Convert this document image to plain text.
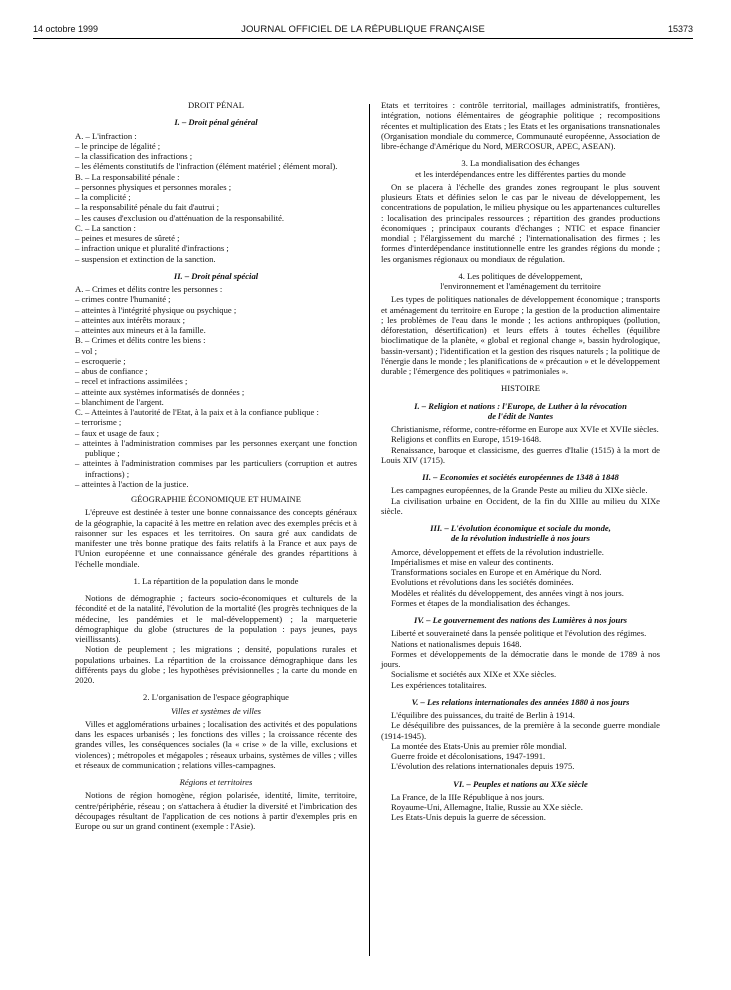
14 octobre 1999	JOURNAL OFFICIEL DE LA RÉPUBLIQUE FRANÇAISE	15373

DROIT PÉNAL

I. – Droit pénal général

A. – L'infraction :

– le principe de légalité ;

– la classification des infractions ;

– les éléments constitutifs de l'infraction (élément matériel ; élément moral).

B. – La responsabilité pénale :

– personnes physiques et personnes morales ;

– la complicité ;

– la responsabilité pénale du fait d'autrui ;

– les causes d'exclusion ou d'atténuation de la responsabilité.

C. – La sanction :

– peines et mesures de sûreté ;

– infraction unique et pluralité d'infractions ;

– suspension et extinction de la sanction.

II. – Droit pénal spécial

A. – Crimes et délits contre les personnes :

– crimes contre l'humanité ;

– atteintes à l'intégrité physique ou psychique ;

– atteintes aux intérêts moraux ;

– atteintes aux mineurs et à la famille.

B. – Crimes et délits contre les biens :

– vol ;

– escroquerie ;

– abus de confiance ;

– recel et infractions assimilées ;

– atteinte aux systèmes informatisés de données ;

– blanchiment de l'argent.

C. – Atteintes à l'autorité de l'Etat, à la paix et à la confiance publique :

– terrorisme ;

– faux et usage de faux ;

– atteintes à l'administration commises par les personnes exerçant une fonction publique ;

– atteintes à l'administration commises par les particuliers (corruption et autres infractions) ;

– atteintes à l'action de la justice.

GÉOGRAPHIE ÉCONOMIQUE ET HUMAINE

L'épreuve est destinée à tester une bonne connaissance des concepts généraux de la géographie, la capacité à les mettre en relation avec des exemples précis et à raisonner sur les espaces et les territoires. On saura gré aux candidats de manifester une très bonne pratique des faits relatifs à la France et aux pays de l'Union européenne et une connaissance générale des grandes répartitions à l'échelle mondiale.

1. La répartition de la population dans le monde

Notions de démographie ; facteurs socio-économiques et culturels de la fécondité et de la natalité, l'évolution de la mortalité (les progrès techniques de la médecine, les pandémies et le mal-développement) ; la marqueterie démographique du globe (structures de la population : pays jeunes, pays vieillissants).

Notion de peuplement ; les migrations ; densité, populations rurales et populations urbaines. La répartition de la croissance démographique dans les différents pays du globe ; les hypothèses prévisionnelles ; la carte du monde en 2020.

2. L'organisation de l'espace géographique

Villes et systèmes de villes

Villes et agglomérations urbaines ; localisation des activités et des populations dans les espaces urbanisés ; les fonctions des villes ; la croissance récente des grandes villes, les conséquences sociales (la « crise » de la ville, exclusions et violences) ; métropoles et mégapoles ; réseaux urbains, systèmes de villes ; villes et réseaux de communication ; relations villes-campagnes.

Régions et territoires

Notions de région homogène, région polarisée, identité, limite, territoire, centre/périphérie, réseau ; on s'attachera à étudier la diversité et l'imbrication des découpages résultant de l'application de ces notions à partir d'exemples pris en Europe ou sur un grand continent (exemple : l'Asie).

Etats et territoires : contrôle territorial, maillages administratifs, frontières, intégration, notions élémentaires de géographie politique ; recompositions récentes et multiplication des Etats ; les Etats et les organisations transnationales (Organisation mondiale du commerce, Communauté européenne, Association de libre-échange d'Amérique du Nord, MERCOSUR, APEC, ASEAN).

3. La mondialisation des échanges

et les interdépendances entre les différentes parties du monde

On se placera à l'échelle des grandes zones regroupant le plus souvent plusieurs Etats et définies selon le cas par le niveau de développement, les concentrations de population, le milieu physique ou les appartenances culturelles : localisation des principales ressources ; répartition des grandes productions économiques ; principaux courants d'échanges ; NTIC et espace financier mondial ; l'élargissement du marché ; l'internationalisation des firmes ; les formes d'interdépendance institutionnelle entre les grandes régions du monde ; les organismes régionaux ou mondiaux de régulation.

4. Les politiques de développement,

l'environnement et l'aménagement du territoire

Les types de politiques nationales de développement économique ; transports et aménagement du territoire en Europe ; la gestion de la production alimentaire ; les problèmes de l'eau dans le monde ; les actions anthropiques (pollution, déforestation, désertification) et leurs effets à toutes échelles (équilibre bioclimatique de la planète, « global et regional change », bassin hydrologique, bassin-versant) ; l'identification et la gestion des risques naturels ; la politique de l'énergie dans le monde ; les planifications de « précaution » et le développement durable ; l'émergence des politiques « patrimoniales ».

HISTOIRE

I. – Religion et nations : l'Europe, de Luther à la révocation

de l'édit de Nantes

Christianisme, réforme, contre-réforme en Europe aux XVIe et XVIIe siècles.

Religions et conflits en Europe, 1519-1648.

Renaissance, baroque et classicisme, des guerres d'Italie (1515) à la mort de Louis XIV (1715).

II. – Economies et sociétés européennes de 1348 à 1848

Les campagnes européennes, de la Grande Peste au milieu du XIXe siècle.

La civilisation urbaine en Occident, de la fin du XIIIe au milieu du XIXe siècle.

III. – L'évolution économique et sociale du monde,

de la révolution industrielle à nos jours

Amorce, développement et effets de la révolution industrielle.

Impérialismes et mise en valeur des continents.

Transformations sociales en Europe et en Amérique du Nord.

Evolutions et révolutions dans les sociétés dominées.

Modèles et réalités du développement, des années vingt à nos jours.

Formes et étapes de la mondialisation des échanges.

IV. – Le gouvernement des nations des Lumières à nos jours

Liberté et souveraineté dans la pensée politique et l'évolution des régimes.

Nations et nationalismes depuis 1648.

Formes et développements de la démocratie dans le monde de 1789 à nos jours.

Socialisme et sociétés aux XIXe et XXe siècles.

Les expériences totalitaires.

V. – Les relations internationales des années 1880 à nos jours

L'équilibre des puissances, du traité de Berlin à 1914.

Le déséquilibre des puissances, de la première à la seconde guerre mondiale (1914-1945).

La montée des Etats-Unis au premier rôle mondial.

Guerre froide et décolonisations, 1947-1991.

L'évolution des relations internationales depuis 1975.

VI. – Peuples et nations au XXe siècle

La France, de la IIIe République à nos jours.

Royaume-Uni, Allemagne, Italie, Russie au XXe siècle.

Les Etats-Unis depuis la guerre de sécession.
